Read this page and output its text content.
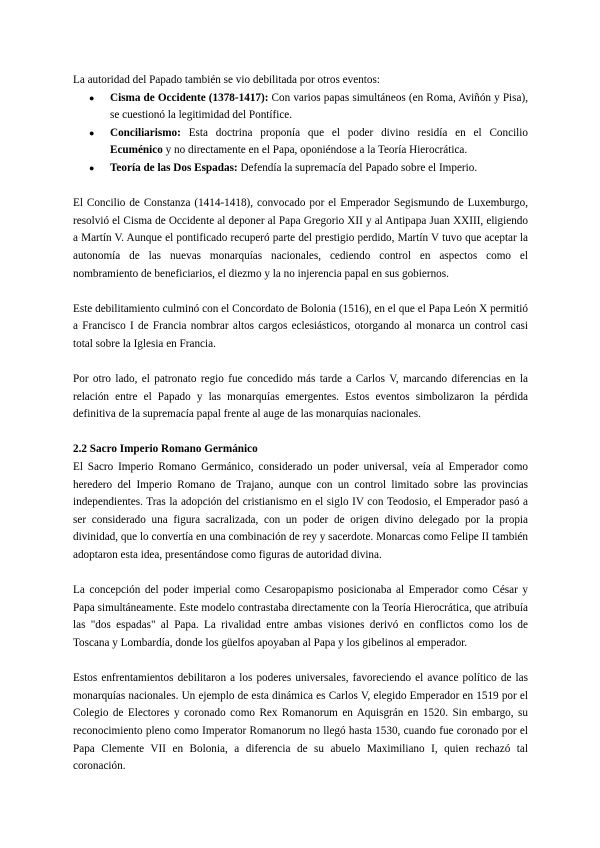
La autoridad del Papado también se vio debilitada por otros eventos:

● Cisma de Occidente (1378-1417): Con varios papas simultáneos (en Roma, Aviñón y Pisa), se cuestionó la legitimidad del Pontífice.
● Conciliarismo: Esta doctrina proponía que el poder divino residía en el Concilio Ecuménico y no directamente en el Papa, oponiéndose a la Teoría Hierocrática.
● Teoría de las Dos Espadas: Defendía la supremacía del Papado sobre el Imperio.

El Concilio de Constanza (1414-1418), convocado por el Emperador Segismundo de Luxemburgo, resolvió el Cisma de Occidente al deponer al Papa Gregorio XII y al Antipapa Juan XXIII, eligiendo a Martín V. Aunque el pontificado recuperó parte del prestigio perdido, Martín V tuvo que aceptar la autonomía de las nuevas monarquías nacionales, cediendo control en aspectos como el nombramiento de beneficiarios, el diezmo y la no injerencia papal en sus gobiernos.

Este debilitamiento culminó con el Concordato de Bolonia (1516), en el que el Papa León X permitió a Francisco I de Francia nombrar altos cargos eclesiásticos, otorgando al monarca un control casi total sobre la Iglesia en Francia.

Por otro lado, el patronato regio fue concedido más tarde a Carlos V, marcando diferencias en la relación entre el Papado y las monarquías emergentes. Estos eventos simbolizaron la pérdida definitiva de la supremacía papal frente al auge de las monarquías nacionales.

2.2 Sacro Imperio Romano Germánico

El Sacro Imperio Romano Germánico, considerado un poder universal, veía al Emperador como heredero del Imperio Romano de Trajano, aunque con un control limitado sobre las provincias independientes. Tras la adopción del cristianismo en el siglo IV con Teodosio, el Emperador pasó a ser considerado una figura sacralizada, con un poder de origen divino delegado por la propia divinidad, que lo convertía en una combinación de rey y sacerdote. Monarcas como Felipe II también adoptaron esta idea, presentándose como figuras de autoridad divina.

La concepción del poder imperial como Cesaropapismo posicionaba al Emperador como César y Papa simultáneamente. Este modelo contrastaba directamente con la Teoría Hierocrática, que atribuía las "dos espadas" al Papa. La rivalidad entre ambas visiones derivó en conflictos como los de Toscana y Lombardía, donde los güelfos apoyaban al Papa y los gibelinos al emperador.

Estos enfrentamientos debilitaron a los poderes universales, favoreciendo el avance político de las monarquías nacionales. Un ejemplo de esta dinámica es Carlos V, elegido Emperador en 1519 por el Colegio de Electores y coronado como Rex Romanorum en Aquisgrán en 1520. Sin embargo, su reconocimiento pleno como Imperator Romanorum no llegó hasta 1530, cuando fue coronado por el Papa Clemente VII en Bolonia, a diferencia de su abuelo Maximiliano I, quien rechazó tal coronación.
